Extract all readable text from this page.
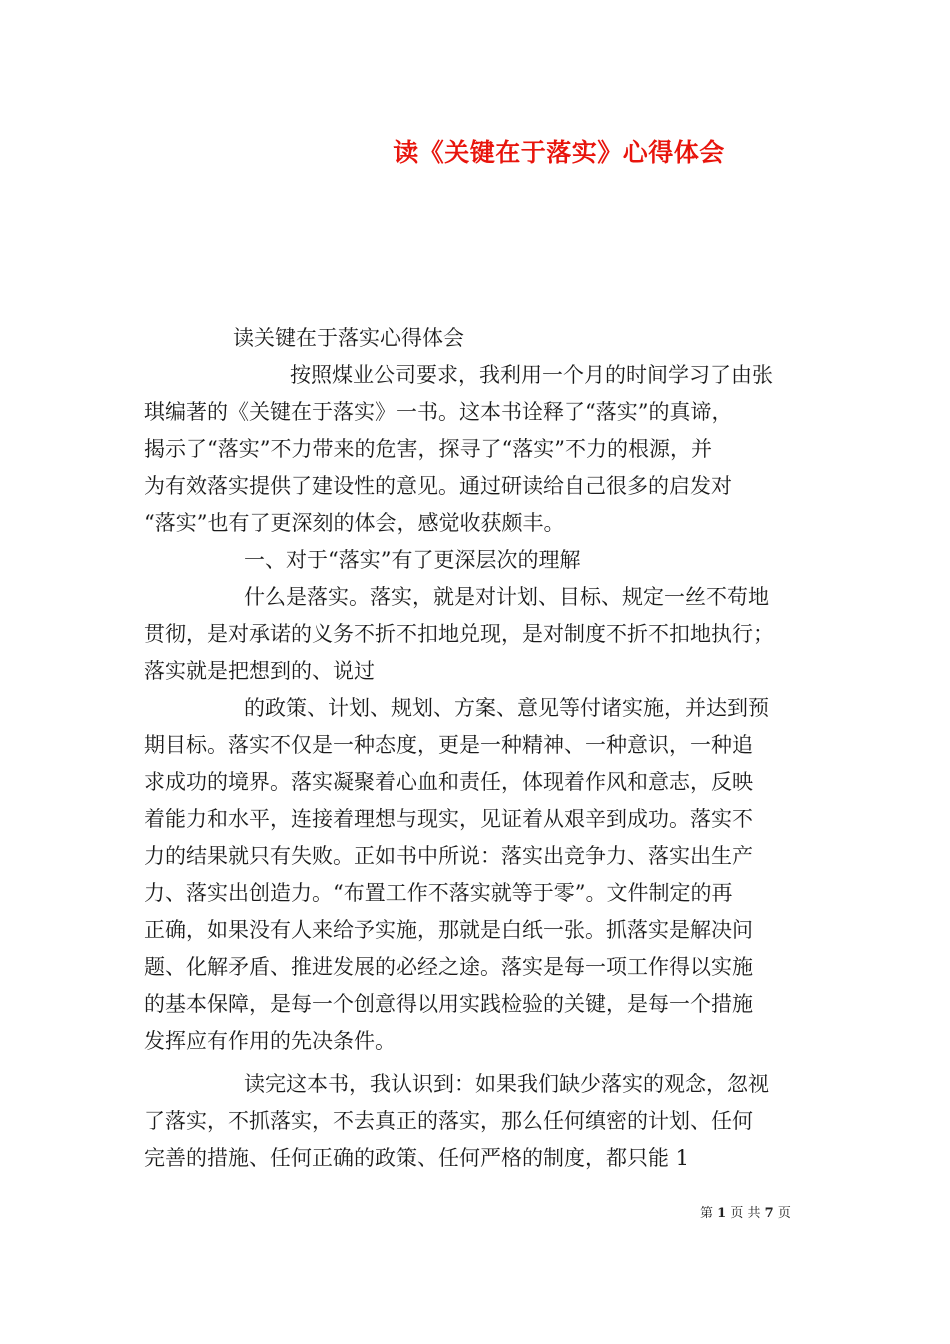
读《关键在于落实》心得体会

读关键在于落实心得体会

按照煤业公司要求，我利用一个月的时间学习了由张

琪编著的《关键在于落实》一书。这本书诠释了“落实”的真谛，

揭示了“落实”不力带来的危害，探寻了“落实”不力的根源，并

为有效落实提供了建设性的意见。通过研读给自己很多的启发对

“落实”也有了更深刻的体会，感觉收获颇丰。

一、对于“落实”有了更深层次的理解

什么是落实。落实，就是对计划、目标、规定一丝不苟地

贯彻，是对承诺的义务不折不扣地兑现，是对制度不折不扣地执行；

落实就是把想到的、说过

的政策、计划、规划、方案、意见等付诸实施，并达到预

期目标。落实不仅是一种态度，更是一种精神、一种意识，一种追

求成功的境界。落实凝聚着心血和责任，体现着作风和意志，反映

着能力和水平，连接着理想与现实，见证着从艰辛到成功。落实不

力的结果就只有失败。正如书中所说：落实出竞争力、落实出生产

力、落实出创造力。“布置工作不落实就等于零”。文件制定的再

正确，如果没有人来给予实施，那就是白纸一张。抓落实是解决问

题、化解矛盾、推进发展的必经之途。落实是每一项工作得以实施

的基本保障，是每一个创意得以用实践检验的关键，是每一个措施

发挥应有作用的先决条件。

读完这本书，我认识到：如果我们缺少落实的观念，忽视

了落实，不抓落实，不去真正的落实，那么任何缜密的计划、任何

完善的措施、任何正确的政策、任何严格的制度，都只能 1

第 1 页 共 7 页
